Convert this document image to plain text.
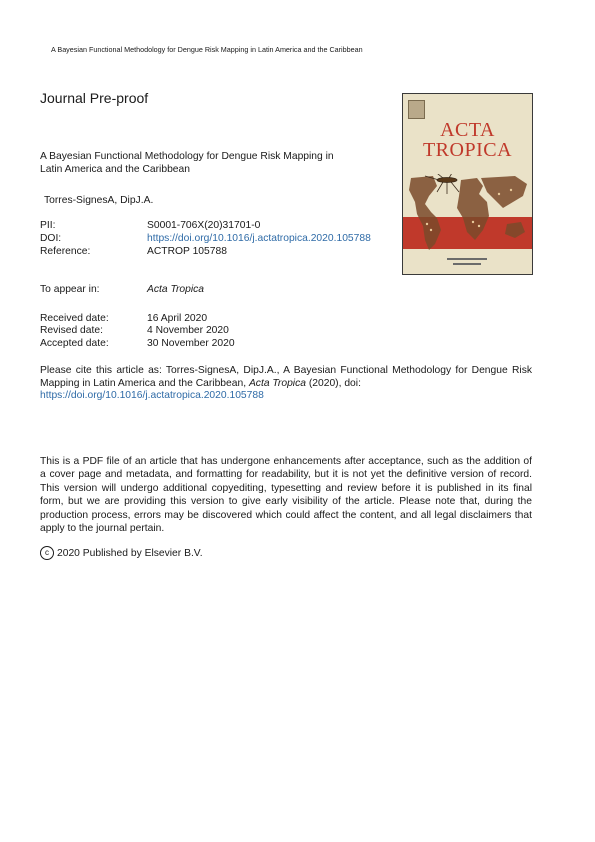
A Bayesian Functional Methodology for Dengue Risk Mapping in Latin America and the Caribbean
Journal Pre-proof
A Bayesian Functional Methodology for Dengue Risk Mapping in
Latin America and the Caribbean
Torres-SignesA, DipJ.A.
PII:	S0001-706X(20)31701-0
DOI:	https://doi.org/10.1016/j.actatropica.2020.105788
Reference:	ACTROP 105788
To appear in:	Acta Tropica
Received date:	16 April 2020
Revised date:	4 November 2020
Accepted date:	30 November 2020
Please cite this article as: Torres-SignesA, DipJ.A., A Bayesian Functional Methodology for Dengue Risk Mapping in Latin America and the Caribbean, Acta Tropica (2020), doi:
https://doi.org/10.1016/j.actatropica.2020.105788
This is a PDF file of an article that has undergone enhancements after acceptance, such as the addition of a cover page and metadata, and formatting for readability, but it is not yet the definitive version of record. This version will undergo additional copyediting, typesetting and review before it is published in its final form, but we are providing this version to give early visibility of the article. Please note that, during the production process, errors may be discovered which could affect the content, and all legal disclaimers that apply to the journal pertain.
c 2020 Published by Elsevier B.V.
ACTA
TROPICA
